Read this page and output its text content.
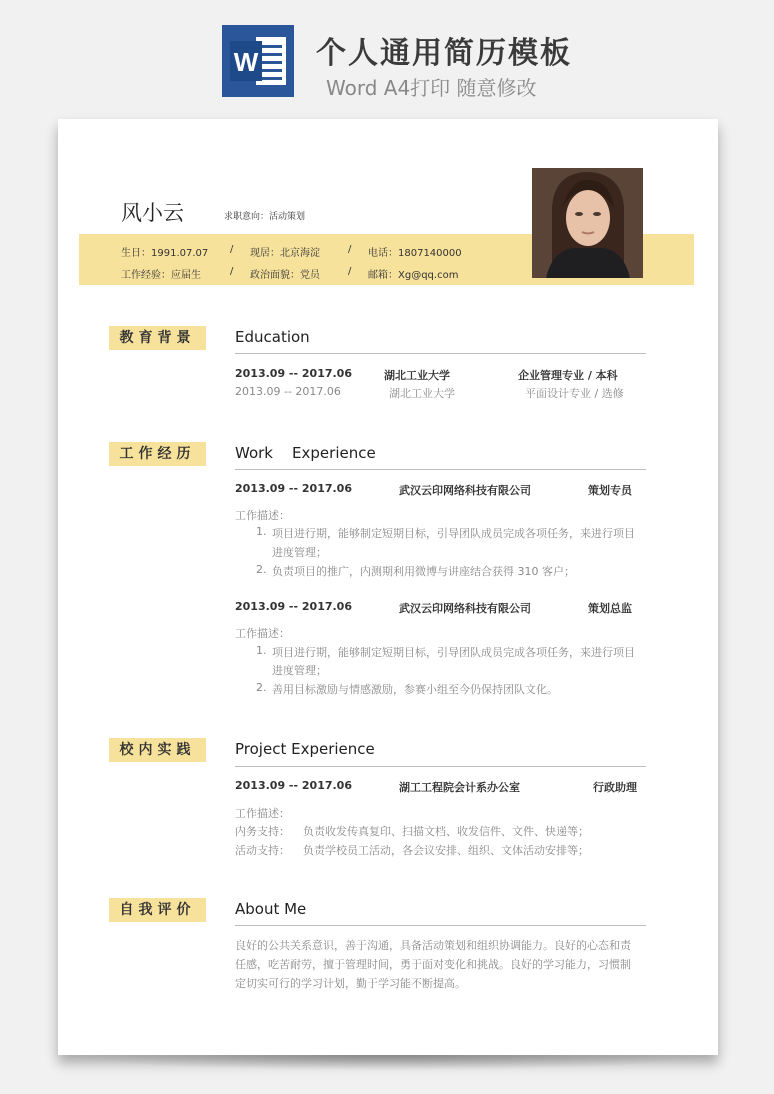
W 个人通用简历模板
Word A4打印 随意修改
风小云	求职意向：活动策划
生日：1991.07.07 / 现居：北京海淀	/ 电话：1807140000
工作经验：应届生	/ 政治面貌：党员	/ 邮箱：Xg@qq.com
教育背景	Education
2013.09 -- 2017.06	湖北工业大学	企业管理专业 / 本科
2013.09 -- 2017.06	湖北工业大学	平面设计专业 / 选修
工作经历	Work    Experience
2013.09 -- 2017.06	武汉云印网络科技有限公司	策划专员
工作描述：
1. 项目进行期，能够制定短期目标，引导团队成员完成各项任务，来进行项目
进度管理；
2. 负责项目的推广，内测期利用微博与讲座结合获得 310 客户；
2013.09 -- 2017.06	武汉云印网络科技有限公司	策划总监
工作描述：
1. 项目进行期，能够制定短期目标，引导团队成员完成各项任务，来进行项目
进度管理；
2. 善用目标激励与情感激励，参赛小组至今仍保持团队文化。
校内实践	Project Experience
2013.09 -- 2017.06	湖工工程院会计系办公室	行政助理
工作描述：
内务支持： 负责收发传真复印、扫描文档、收发信件、文件、快递等；
活动支持： 负责学校员工活动，各会议安排、组织、文体活动安排等；
自我评价	About Me
良好的公共关系意识，善于沟通，具备活动策划和组织协调能力。良好的心态和责
任感，吃苦耐劳，擅于管理时间，勇于面对变化和挑战。良好的学习能力，习惯制
定切实可行的学习计划，勤于学习能不断提高。
